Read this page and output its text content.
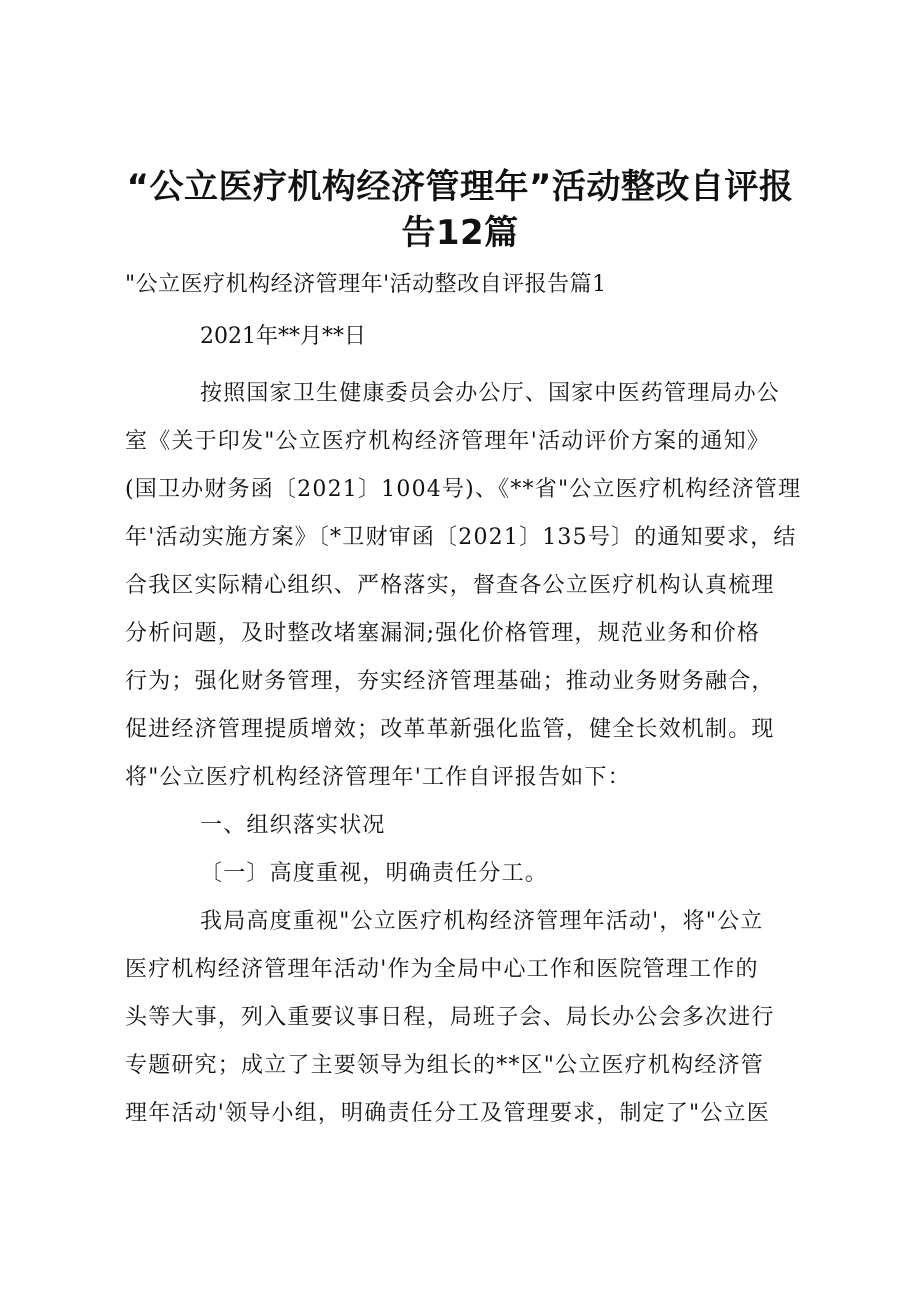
“公立医疗机构经济管理年”活动整改自评报
告12篇
"公立医疗机构经济管理年'活动整改自评报告篇1
2021年**月**日
按照国家卫生健康委员会办公厅、国家中医药管理局办公
室《关于印发"公立医疗机构经济管理年'活动评价方案的通知》
(国卫办财务函〔2021〕1004号)、《**省"公立医疗机构经济管理
年'活动实施方案》〔*卫财审函〔2021〕135号〕的通知要求，结
合我区实际精心组织、严格落实，督查各公立医疗机构认真梳理
分析问题，及时整改堵塞漏洞;强化价格管理，规范业务和价格
行为；强化财务管理，夯实经济管理基础；推动业务财务融合，
促进经济管理提质增效；改革革新强化监管，健全长效机制。现
将"公立医疗机构经济管理年'工作自评报告如下：
一、组织落实状况
〔一〕高度重视，明确责任分工。
我局高度重视"公立医疗机构经济管理年活动'，将"公立
医疗机构经济管理年活动'作为全局中心工作和医院管理工作的
头等大事，列入重要议事日程，局班子会、局长办公会多次进行
专题研究；成立了主要领导为组长的**区"公立医疗机构经济管
理年活动'领导小组，明确责任分工及管理要求，制定了"公立医
